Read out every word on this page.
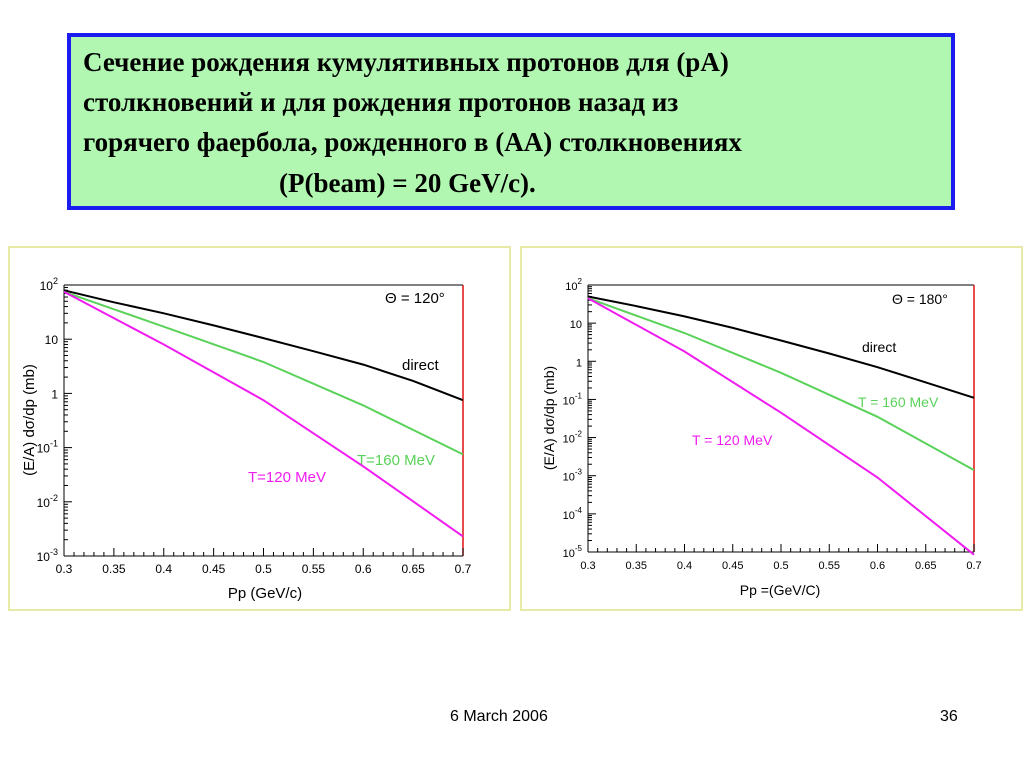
Сечение рождения кумулятивных протонов для (pA)
столкновений и для рождения протонов назад из
горячего фаербола, рожденного в (AA) столкновениях
(P(beam) = 20 GeV/c).
0.3 0.35 0.4 0.45 0.5 0.55 0.6 0.65 0.7
$10^{-3}$
$10^{-2}$
$10^{-1}$
1
10
$10^2$
direct
T=160 MeV
T=120 MeV
Θ = 120°
Pp (GeV/c)
(E/A) dσ/dp (mb)
0.3	0.35	0.4	0.45	0.5	0.55	0.6	0.65	0.7
$10^{-5}$
$10^{-4}$
$10^{-3}$
$10^{-2}$
$10^{-1}$
1
10
$10^2$
direct
T = 160 MeV
T = 120 MeV
Θ = 180°
Pp =(GeV/C)
(E/A) dσ/dp (mb)
6 March 2006	36
